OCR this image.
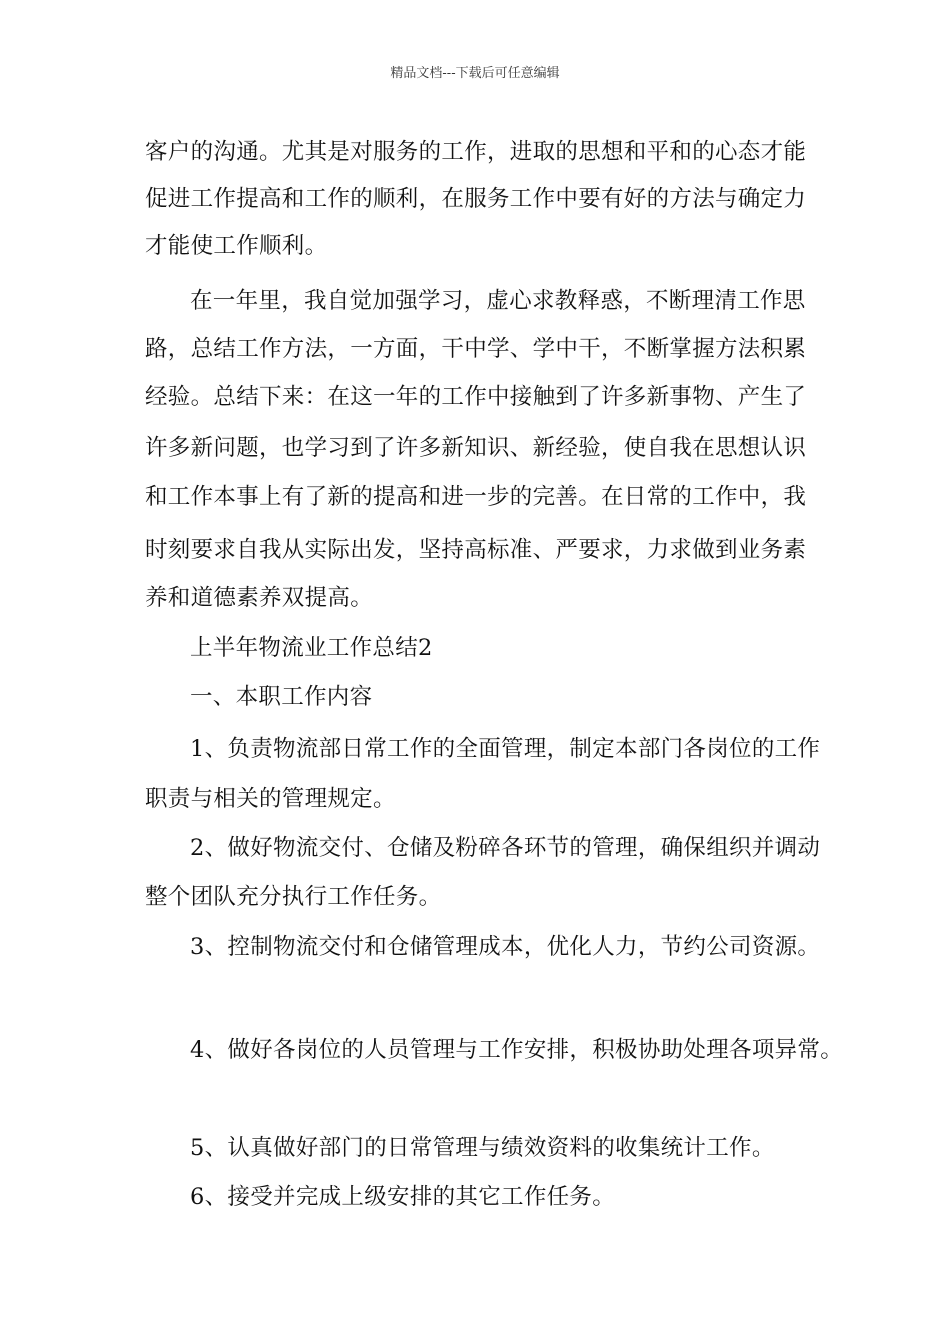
精品文档---下载后可任意编辑
客户的沟通。尤其是对服务的工作，进取的思想和平和的心态才能
促进工作提高和工作的顺利，在服务工作中要有好的方法与确定力
才能使工作顺利。
在一年里，我自觉加强学习，虚心求教释惑，不断理清工作思
路，总结工作方法，一方面，干中学、学中干，不断掌握方法积累
经验。总结下来：在这一年的工作中接触到了许多新事物、产生了
许多新问题，也学习到了许多新知识、新经验，使自我在思想认识
和工作本事上有了新的提高和进一步的完善。在日常的工作中，我
时刻要求自我从实际出发，坚持高标准、严要求，力求做到业务素
养和道德素养双提高。
上半年物流业工作总结2
一、本职工作内容
1、负责物流部日常工作的全面管理，制定本部门各岗位的工作
职责与相关的管理规定。
2、做好物流交付、仓储及粉碎各环节的管理，确保组织并调动
整个团队充分执行工作任务。
3、控制物流交付和仓储管理成本，优化人力，节约公司资源。
4、做好各岗位的人员管理与工作安排，积极协助处理各项异常。
5、认真做好部门的日常管理与绩效资料的收集统计工作。
6、接受并完成上级安排的其它工作任务。
